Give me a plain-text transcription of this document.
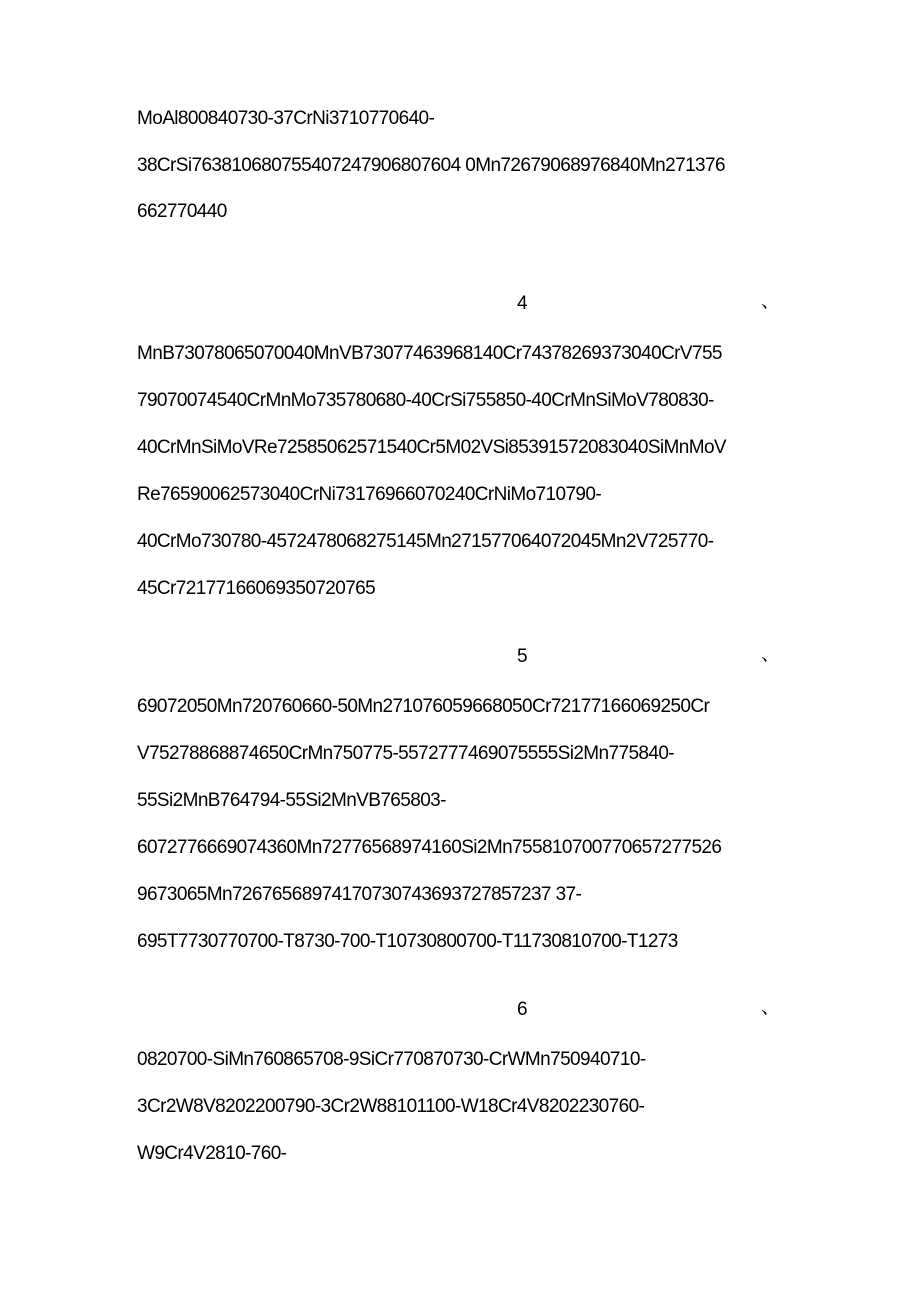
MoAl800840730-37CrNi3710770640-
38CrSi763810680755407247906807604 0Mn72679068976840Mn271376
662770440
4	、
MnB73078065070040MnVB73077463968140Cr74378269373040CrV755
79070074540CrMnMo735780680-40CrSi755850-40CrMnSiMoV780830-
40CrMnSiMoVRe72585062571540Cr5M02VSi85391572083040SiMnMoV
Re76590062573040CrNi73176966070240CrNiMo710790-
40CrMo730780-4572478068275145Mn271577064072045Mn2V725770-
45Cr72177166069350720765
5	、
69072050Mn720760660-50Mn271076059668050Cr72177166069250Cr
V75278868874650CrMn750775-5572777469075555Si2Mn775840-
55Si2MnB764794-55Si2MnVB765803-
6072776669074360Mn72776568974160Si2Mn755810700770657277526
9673065Mn72676568974170730743693727857237 37-
695T7730770700-T8730-700-T10730800700-T11730810700-T1273
6	、
0820700-SiMn760865708-9SiCr770870730-CrWMn750940710-
3Cr2W8V8202200790-3Cr2W88101100-W18Cr4V8202230760-
W9Cr4V2810-760-
